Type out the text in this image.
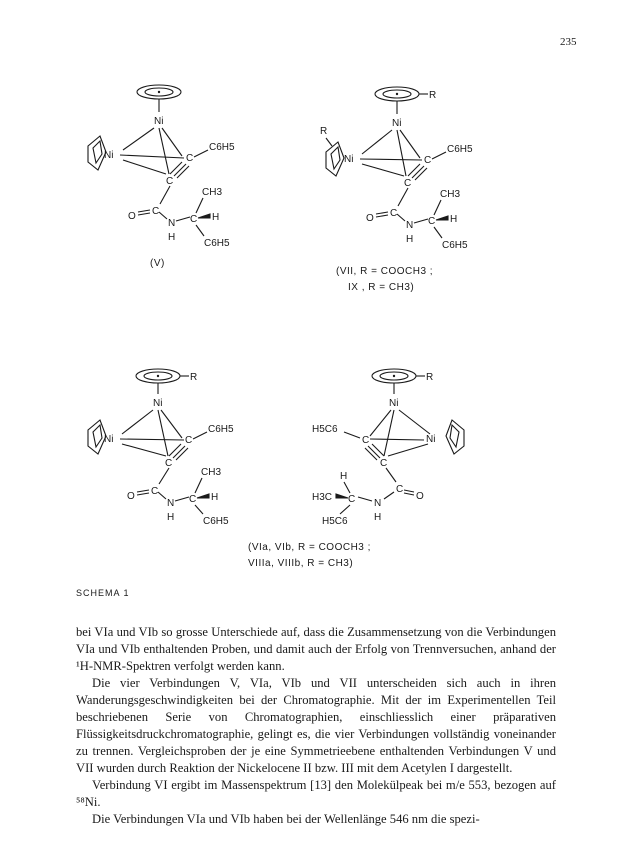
235
Ni
Ni	C
C
C6H5
C
O
N
H
C
CH3
H
C6H5
(V)
R
Ni
R
Ni	C
C
C6H5
C
O
N
H
C
CH3
H
C6H5
(VII, R = COOCH3 ;
IX , R = CH3)
R
Ni
Ni	C
C
C6H5
C
O
N
H
C
CH3
H
C6H5
R
Ni
Ni
C
C
H5C6
C
O
N
H
C
H
H3C
H5C6
(VIa, VIb, R = COOCH3 ;
VIIIa, VIIIb, R = CH3)
SCHEMA 1

bei VIa und VIb so grosse Unterschiede auf, dass die Zusammensetzung von die Verbindungen VIa und VIb enthaltenden Proben, und damit auch der Erfolg von Trennversuchen, anhand der ¹H-NMR-Spektren verfolgt werden kann.

Die vier Verbindungen V, VIa, VIb und VII unterscheiden sich auch in ihren Wanderungsgeschwindigkeiten bei der Chromatographie. Mit der im Experimentellen Teil beschriebenen Serie von Chromatographien, einschliesslich einer präparativen Flüssigkeitsdruckchromatographie, gelingt es, die vier Verbindungen vollständig voneinander zu trennen. Vergleichsproben der je eine Symmetrieebene enthaltenden Verbindungen V und VII wurden durch Reaktion der Nickelocene II bzw. III mit dem Acetylen I dargestellt.

Verbindung VI ergibt im Massenspektrum [13] den Molekülpeak bei m/e 553, bezogen auf ⁵⁸Ni.

Die Verbindungen VIa und VIb haben bei der Wellenlänge 546 nm die spezi-
